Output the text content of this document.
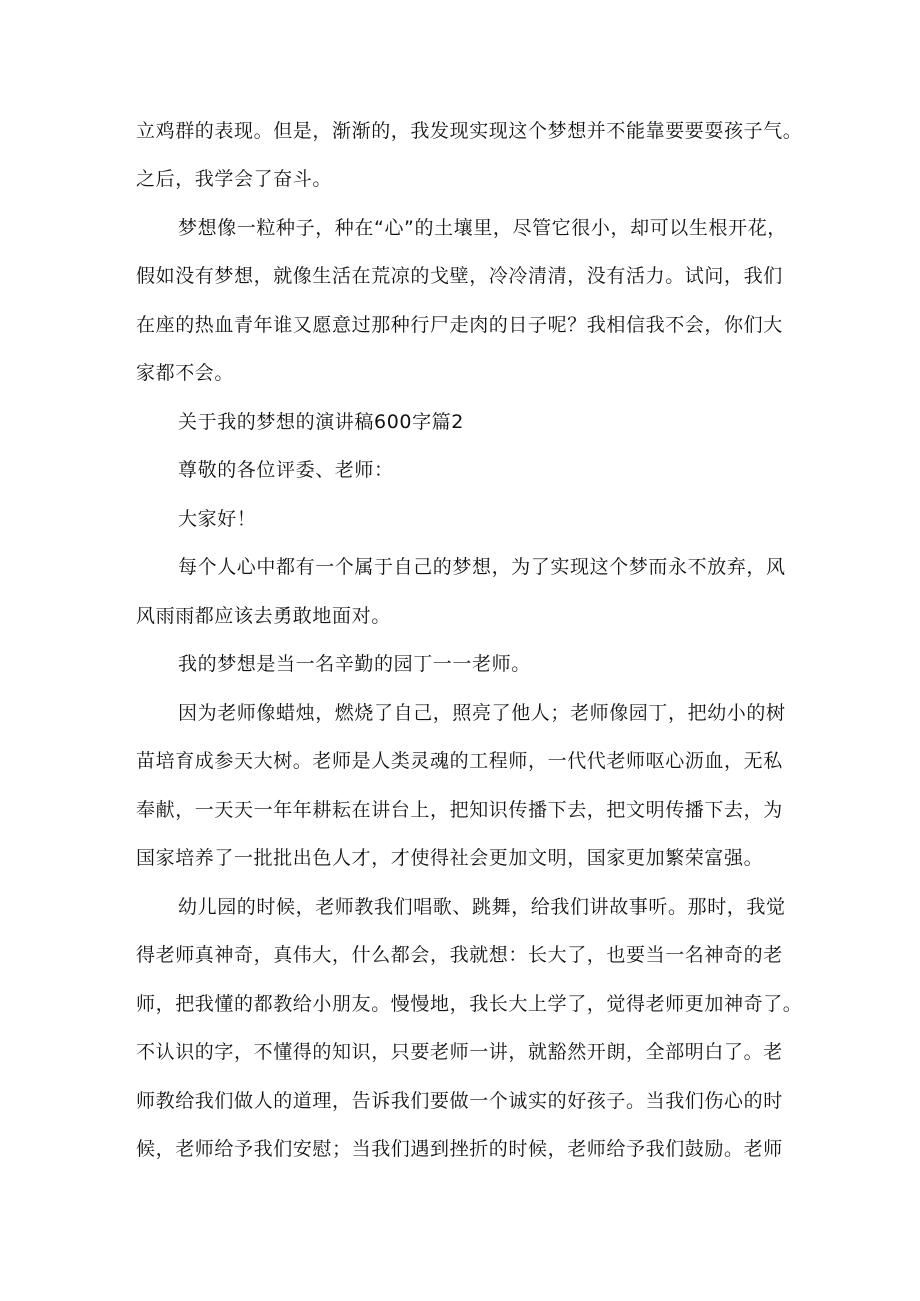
立鸡群的表现。但是，渐渐的，我发现实现这个梦想并不能靠要要耍孩子气。
之后，我学会了奋斗。
梦想像一粒种子，种在“心”的土壤里，尽管它很小，却可以生根开花，
假如没有梦想，就像生活在荒凉的戈壁，冷冷清清，没有活力。试问，我们
在座的热血青年谁又愿意过那种行尸走肉的日子呢？我相信我不会，你们大
家都不会。
关于我的梦想的演讲稿600字篇2
尊敬的各位评委、老师：
大家好！
每个人心中都有一个属于自己的梦想，为了实现这个梦而永不放弃，风
风雨雨都应该去勇敢地面对。
我的梦想是当一名辛勤的园丁一一老师。
因为老师像蜡烛，燃烧了自己，照亮了他人；老师像园丁，把幼小的树
苗培育成参天大树。老师是人类灵魂的工程师，一代代老师呕心沥血，无私
奉献，一天天一年年耕耘在讲台上，把知识传播下去，把文明传播下去，为
国家培养了一批批出色人才，才使得社会更加文明，国家更加繁荣富强。
幼儿园的时候，老师教我们唱歌、跳舞，给我们讲故事听。那时，我觉
得老师真神奇，真伟大，什么都会，我就想：长大了，也要当一名神奇的老
师，把我懂的都教给小朋友。慢慢地，我长大上学了，觉得老师更加神奇了。
不认识的字，不懂得的知识，只要老师一讲，就豁然开朗，全部明白了。老
师教给我们做人的道理，告诉我们要做一个诚实的好孩子。当我们伤心的时
候，老师给予我们安慰；当我们遇到挫折的时候，老师给予我们鼓励。老师
